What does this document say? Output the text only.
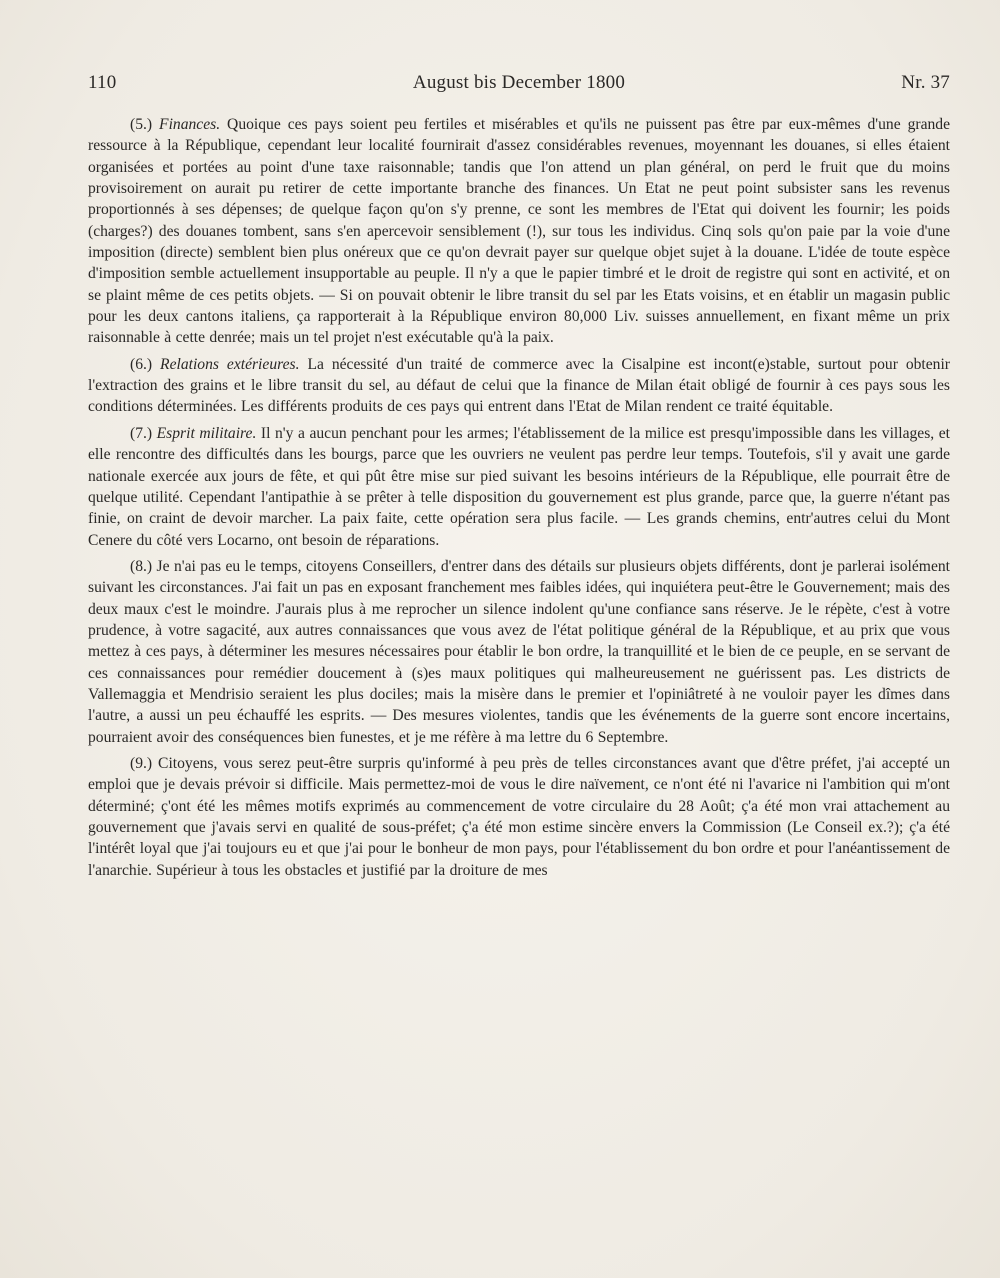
110	August bis December 1800	Nr. 37

(5.) Finances. Quoique ces pays soient peu fertiles et misérables et qu'ils ne puissent pas être par eux-mêmes d'une grande ressource à la République, cependant leur localité fournirait d'assez considérables revenues, moyennant les douanes, si elles étaient organisées et portées au point d'une taxe raisonnable; tandis que l'on attend un plan général, on perd le fruit que du moins provisoirement on aurait pu retirer de cette importante branche des finances. Un Etat ne peut point subsister sans les revenus proportionnés à ses dépenses; de quelque façon qu'on s'y prenne, ce sont les membres de l'Etat qui doivent les fournir; les poids (charges?) des douanes tombent, sans s'en apercevoir sensiblement (!), sur tous les individus. Cinq sols qu'on paie par la voie d'une imposition (directe) semblent bien plus onéreux que ce qu'on devrait payer sur quelque objet sujet à la douane. L'idée de toute espèce d'imposition semble actuellement insupportable au peuple. Il n'y a que le papier timbré et le droit de registre qui sont en activité, et on se plaint même de ces petits objets. — Si on pouvait obtenir le libre transit du sel par les Etats voisins, et en établir un magasin public pour les deux cantons italiens, ça rapporterait à la République environ 80,000 Liv. suisses annuellement, en fixant même un prix raisonnable à cette denrée; mais un tel projet n'est exécutable qu'à la paix.

(6.) Relations extérieures. La nécessité d'un traité de commerce avec la Cisalpine est incont(e)stable, surtout pour obtenir l'extraction des grains et le libre transit du sel, au défaut de celui que la finance de Milan était obligé de fournir à ces pays sous les conditions déterminées. Les différents produits de ces pays qui entrent dans l'Etat de Milan rendent ce traité équitable.

(7.) Esprit militaire. Il n'y a aucun penchant pour les armes; l'établissement de la milice est presqu'impossible dans les villages, et elle rencontre des difficultés dans les bourgs, parce que les ouvriers ne veulent pas perdre leur temps. Toutefois, s'il y avait une garde nationale exercée aux jours de fête, et qui pût être mise sur pied suivant les besoins intérieurs de la République, elle pourrait être de quelque utilité. Cependant l'antipathie à se prêter à telle disposition du gouvernement est plus grande, parce que, la guerre n'étant pas finie, on craint de devoir marcher. La paix faite, cette opération sera plus facile. — Les grands chemins, entr'autres celui du Mont Cenere du côté vers Locarno, ont besoin de réparations.

(8.) Je n'ai pas eu le temps, citoyens Conseillers, d'entrer dans des détails sur plusieurs objets différents, dont je parlerai isolément suivant les circonstances. J'ai fait un pas en exposant franchement mes faibles idées, qui inquiétera peut-être le Gouvernement; mais des deux maux c'est le moindre. J'aurais plus à me reprocher un silence indolent qu'une confiance sans réserve. Je le répète, c'est à votre prudence, à votre sagacité, aux autres connaissances que vous avez de l'état politique général de la République, et au prix que vous mettez à ces pays, à déterminer les mesures nécessaires pour établir le bon ordre, la tranquillité et le bien de ce peuple, en se servant de ces connaissances pour remédier doucement à (s)es maux politiques qui malheureusement ne guérissent pas. Les districts de Vallemaggia et Mendrisio seraient les plus dociles; mais la misère dans le premier et l'opiniâtreté à ne vouloir payer les dîmes dans l'autre, a aussi un peu échauffé les esprits. — Des mesures violentes, tandis que les événements de la guerre sont encore incertains, pourraient avoir des conséquences bien funestes, et je me réfère à ma lettre du 6 Septembre.

(9.) Citoyens, vous serez peut-être surpris qu'informé à peu près de telles circonstances avant que d'être préfet, j'ai accepté un emploi que je devais prévoir si difficile. Mais permettez-moi de vous le dire naïvement, ce n'ont été ni l'avarice ni l'ambition qui m'ont déterminé; ç'ont été les mêmes motifs exprimés au commencement de votre circulaire du 28 Août; ç'a été mon vrai attachement au gouvernement que j'avais servi en qualité de sous-préfet; ç'a été mon estime sincère envers la Commission (Le Conseil ex.?); ç'a été l'intérêt loyal que j'ai toujours eu et que j'ai pour le bonheur de mon pays, pour l'établissement du bon ordre et pour l'anéantissement de l'anarchie. Supérieur à tous les obstacles et justifié par la droiture de mes
